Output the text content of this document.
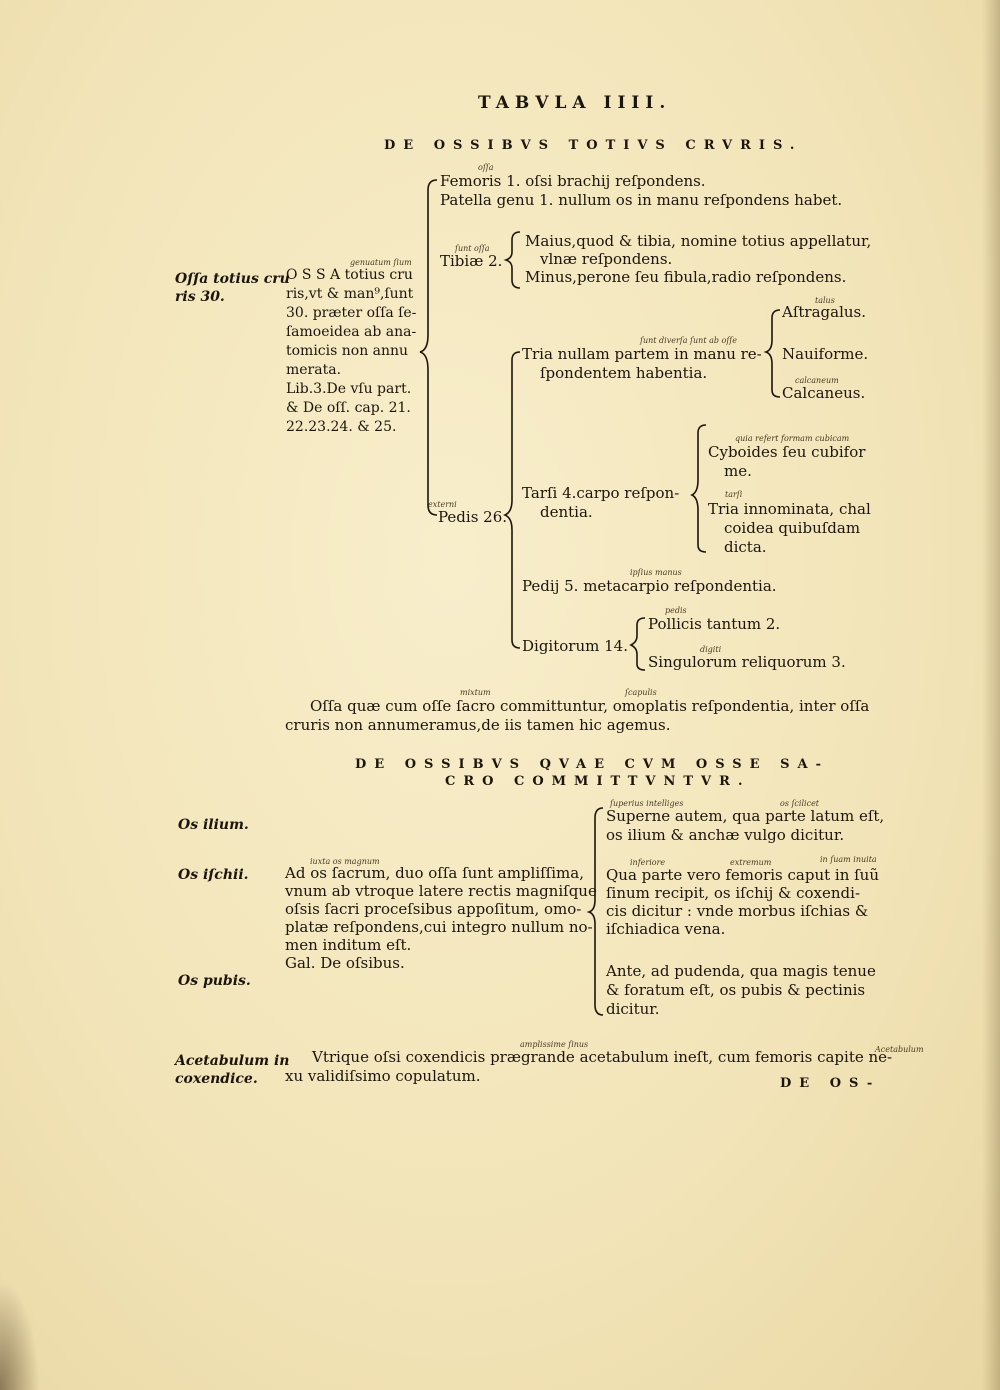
TABVLA IIII.
DE OSSIBVS TOTIVS CRVRIS.
Oſſa totius cru
ris 30.
O S S A totius cru
ris,vt & man⁹,ſunt
30. præter oſſa ſe-
ſamoeidea ab ana-
tomicis non annu
merata.
Lib.3.De vſu part.
& De oſſ. cap. 21.
22.23.24. & 25.
Femoris 1. oſsi brachij reſpondens.
Patella genu 1. nullum os in manu reſpondens habet.
Tibiæ 2.
Maius,quod & tibia, nomine totius appellatur,
vlnæ reſpondens.
Minus,perone ſeu fibula,radio reſpondens.
Pedis 26.
Tria nullam partem in manu re-
ſpondentem habentia.
Aſtragalus.
Nauiforme.
Calcaneus.
Tarſi 4.carpo reſpon-
dentia.
Cyboides ſeu cubifor
me.
Tria innominata, chal
coidea quibuſdam
dicta.
Pedij 5. metacarpio reſpondentia.
Digitorum 14.
Pollicis tantum 2.
Singulorum reliquorum 3.
Oſſa quæ cum oſſe ſacro committuntur, omoplatis reſpondentia, inter oſſa
cruris non annumeramus,de iis tamen hic agemus.
DE OSSIBVS QVAE CVM OSSE SA-
CRO COMMITTVNTVR.
Os ilium.
Os iſchii.
Os pubis.
Acetabulum in
coxendice.
Ad os ſacrum, duo oſſa ſunt ampliſſima,
vnum ab vtroque latere rectis magniſque
oſsis ſacri proceſsibus appoſitum, omo-
platæ reſpondens,cui integro nullum no-
men inditum eſt.
Gal. De oſsibus.
Superne autem, qua parte latum eſt,
os ilium & anchæ vulgo dicitur.
Qua parte vero femoris caput in ſuũ
ſinum recipit, os iſchij & coxendi-
cis dicitur : vnde morbus iſchias &
iſchiadica vena.
Ante, ad pudenda, qua magis tenue
& foratum eſt, os pubis & pectinis
dicitur.
Vtrique oſsi coxendicis prægrande acetabulum ineſt, cum femoris capite ne-
xu validiſsimo copulatum.	DE OS-
genuatum ſium
oſſa
tarſi
ſunt diverſa ſunt ab oſſe
quia refert formam cubicam
pedis
digiti
ipſius manus
externi
ſcapulis
mixtum
iuxta os magnum	inferiore	extremum	in ſuam inuita
ſunt oſſa
talus
calcaneum
Acetabulum
ſuperius intelliges	os ſcilicet
amplissime ſinus
